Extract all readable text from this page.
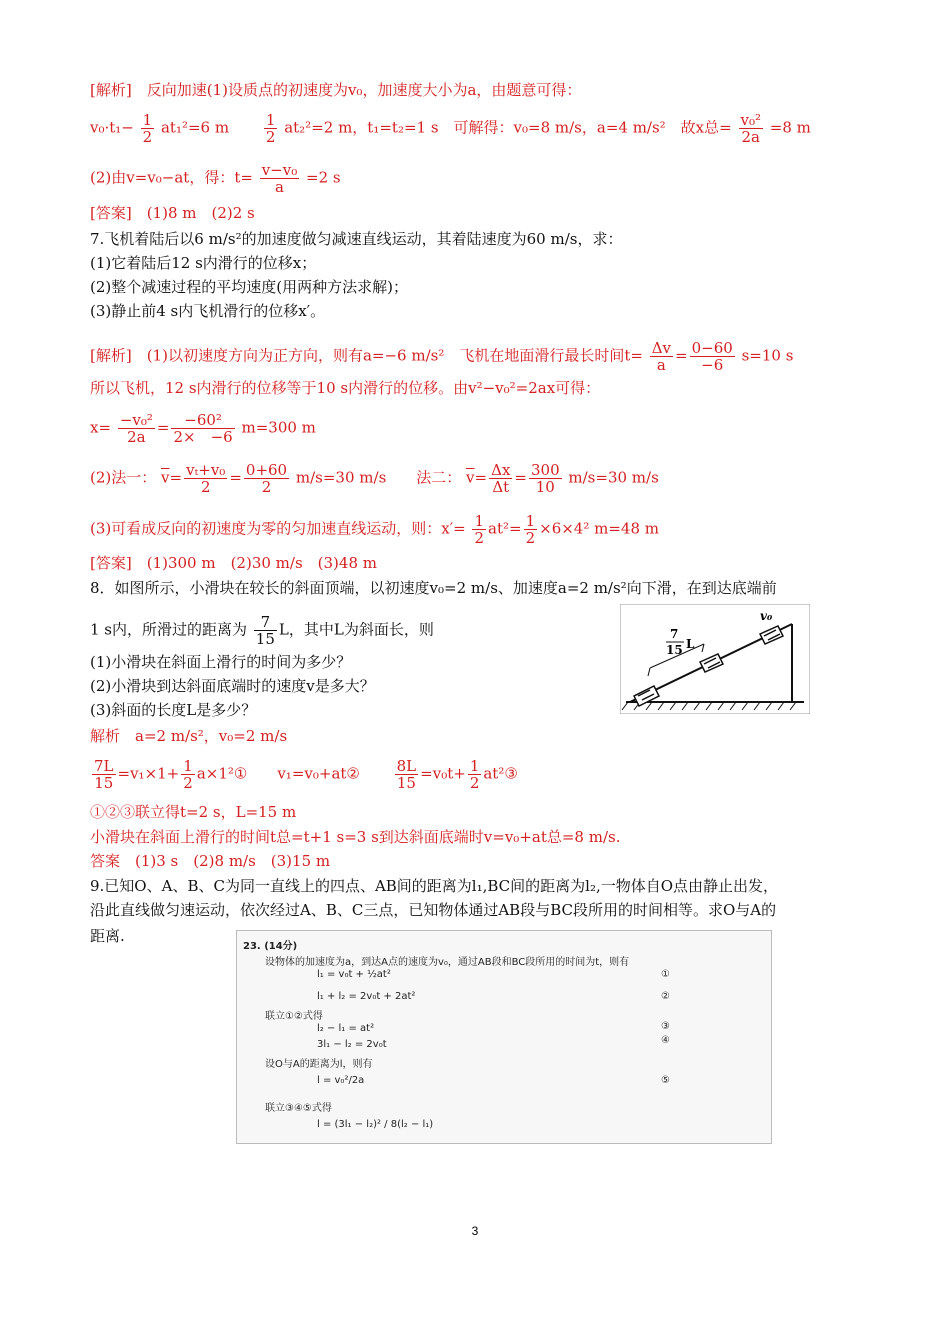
[解析]　反向加速(1)设质点的初速度为v₀，加速度大小为a，由题意可得：
$v_0\cdot t_1- \frac{1}{2} at_1^2=6$ m $\frac{1}{2} at_2^2=2$ m，t₁=t₂=1 s　可解得：v₀=8 m/s，a=4 m/s²　故x总= $\frac{\text{v₀²}}{2a} =8$ m
(2)由v=v₀−at，得：$t= \frac{\text{v−v₀}}{a} =2$ s
[答案]　(1)8 m　(2)2 s
7.飞机着陆后以6 m/s²的加速度做匀减速直线运动，其着陆速度为60 m/s，求：
(1)它着陆后12 s内滑行的位移x；
(2)整个减速过程的平均速度(用两种方法求解)；
(3)静止前4 s内飞机滑行的位移x′。
[解析]　(1)以初速度方向为正方向，则有a=−6 m/s²　飞机在地面滑行最长时间$t= \frac{\Delta v}{a} = \frac{0-60}{-6} s=10$ s
所以飞机，12 s内滑行的位移等于10 s内滑行的位移。由v²−v₀²=2ax可得：
$x= \frac{\text{−v₀²}}{2a} = \frac{\text{−60²}}{2\times -6} m=300$ m
(2)法一： $\overline{v}= \frac{\text{vₜ+v₀}}{2} = \frac{0+60}{2} m/s=30$ m/s　　法二： $\overline{v}= \frac{\Delta x}{\Delta t} = \frac{300}{10} m/s=30$ m/s
(3)可看成反向的初速度为零的匀加速直线运动，则：$x'= \frac{1}{2} at^2= \frac{1}{2} \times 6\times 4^2$ m=48 m
[答案]　(1)300 m　(2)30 m/s　(3)48 m
8．如图所示，小滑块在较长的斜面顶端，以初速度v₀=2 m/s、加速度a=2 m/s²向下滑，在到达底端前
1 s内，所滑过的距离为 $\frac{7}{15}$ L，其中L为斜面长，则
(1)小滑块在斜面上滑行的时间为多少？
(2)小滑块到达斜面底端时的速度v是多大？
(3)斜面的长度L是多少？
7
15 L
v₀
解析　a=2 m/s²，v₀=2 m/s
$\frac{7L}{15} =v_1\times 1+ \frac{1}{2}$ a×1²①　　v₁=v₀+at② $\frac{8L}{15} =v_0t+ \frac{1}{2}$ at²③
①②③联立得t=2 s，L=15 m
小滑块在斜面上滑行的时间t总=t+1 s=3 s到达斜面底端时v=v₀+at总=8 m/s.
答案　(1)3 s　(2)8 m/s　(3)15 m
9.已知O、A、B、C为同一直线上的四点、AB间的距离为l₁,BC间的距离为l₂,一物体自O点由静止出发，
沿此直线做匀速运动，依次经过A、B、C三点，已知物体通过AB段与BC段所用的时间相等。求O与A的
距离.
23. (14分)
设物体的加速度为a，到达A点的速度为v₀，通过AB段和BC段所用的时间为t，则有
l₁ = v₀t + ½at²	①
l₁ + l₂ = 2v₀t + 2at²	②
联立①②式得
l₂ − l₁ = at²	③
3l₁ − l₂ = 2v₀t	④
设O与A的距离为l，则有
l = v₀²/2a	⑤
联立③④⑤式得
l = (3l₁ − l₂)² / 8(l₂ − l₁)
3
